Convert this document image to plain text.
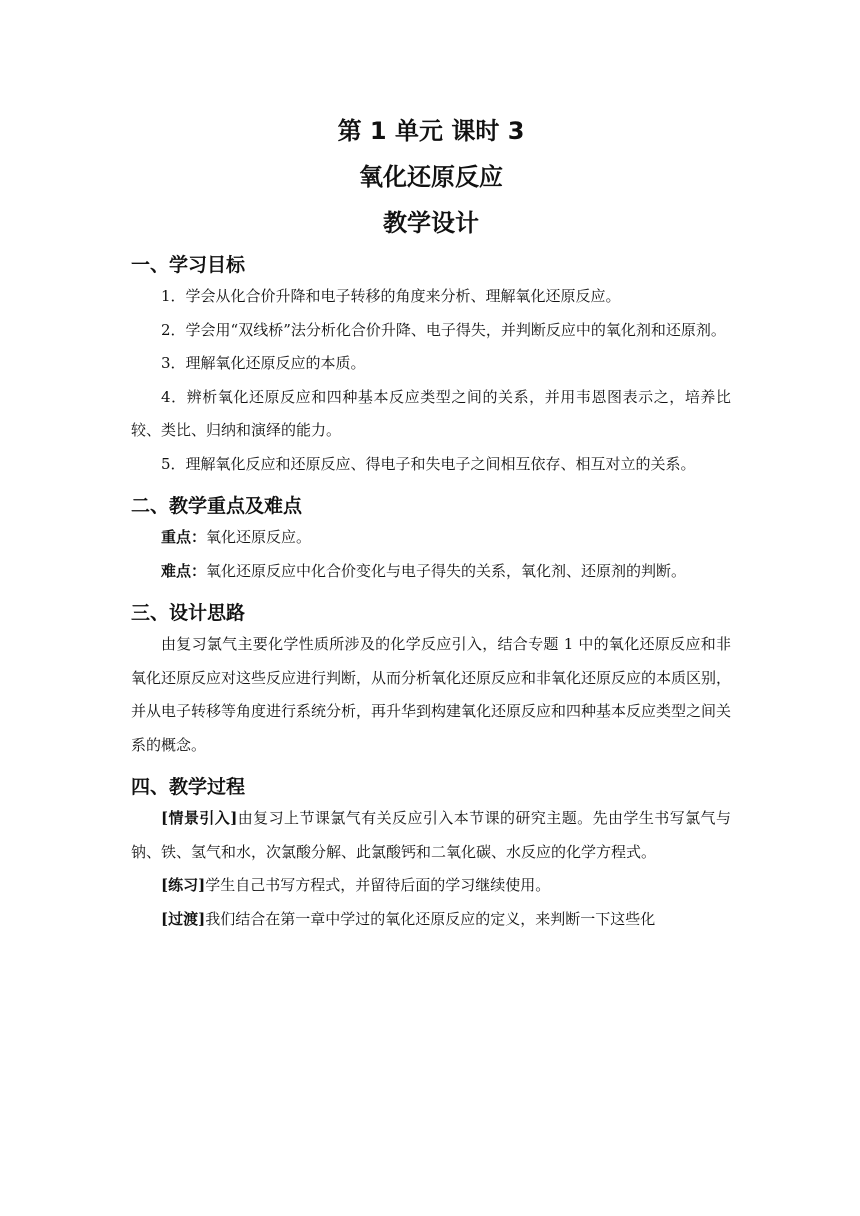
第 1 单元 课时 3
氧化还原反应
教学设计
一、学习目标

1．学会从化合价升降和电子转移的角度来分析、理解氧化还原反应。

2．学会用“双线桥”法分析化合价升降、电子得失，并判断反应中的氧化剂和还原剂。

3．理解氧化还原反应的本质。

4．辨析氧化还原反应和四种基本反应类型之间的关系，并用韦恩图表示之，培养比较、类比、归纳和演绎的能力。

5．理解氧化反应和还原反应、得电子和失电子之间相互依存、相互对立的关系。

二、教学重点及难点

重点：氧化还原反应。

难点：氧化还原反应中化合价变化与电子得失的关系，氧化剂、还原剂的判断。

三、设计思路

由复习氯气主要化学性质所涉及的化学反应引入，结合专题 1 中的氧化还原反应和非氧化还原反应对这些反应进行判断，从而分析氧化还原反应和非氧化还原反应的本质区别，并从电子转移等角度进行系统分析，再升华到构建氧化还原反应和四种基本反应类型之间关系的概念。

四、教学过程

[情景引入]由复习上节课氯气有关反应引入本节课的研究主题。先由学生书写氯气与钠、铁、氢气和水，次氯酸分解、此氯酸钙和二氧化碳、水反应的化学方程式。

[练习]学生自己书写方程式，并留待后面的学习继续使用。

[过渡]我们结合在第一章中学过的氧化还原反应的定义，来判断一下这些化
